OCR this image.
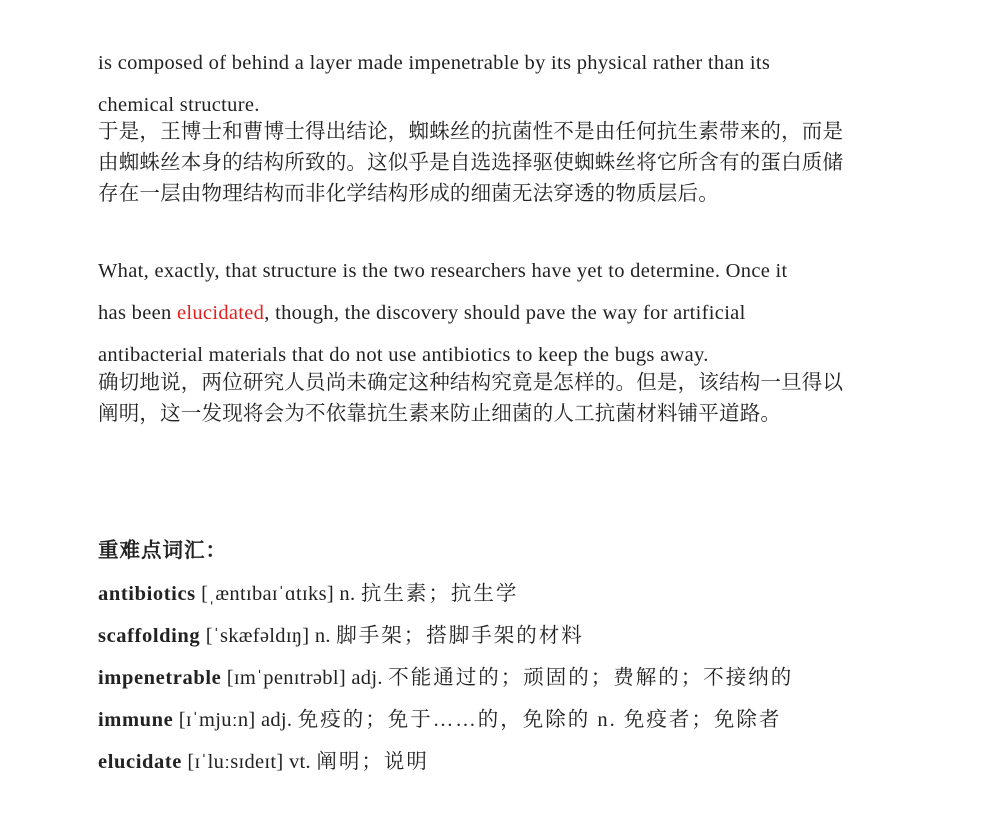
is composed of behind a layer made impenetrable by its physical rather than its

chemical structure.

于是，王博士和曹博士得出结论，蜘蛛丝的抗菌性不是由任何抗生素带来的，而是

由蜘蛛丝本身的结构所致的。这似乎是自选选择驱使蜘蛛丝将它所含有的蛋白质储

存在一层由物理结构而非化学结构形成的细菌无法穿透的物质层后。

What, exactly, that structure is the two researchers have yet to determine. Once it

has been elucidated, though, the discovery should pave the way for artificial

antibacterial materials that do not use antibiotics to keep the bugs away.

确切地说，两位研究人员尚未确定这种结构究竟是怎样的。但是，该结构一旦得以

阐明，这一发现将会为不依靠抗生素来防止细菌的人工抗菌材料铺平道路。

重难点词汇：
antibiotics [ˌæntɪbaɪˈɑtɪks] n. 抗生素；抗生学
scaffolding [ˈskæfəldɪŋ] n. 脚手架；搭脚手架的材料
impenetrable [ɪmˈpenɪtrəbl] adj. 不能通过的；顽固的；费解的；不接纳的
immune [ɪˈmjuːn] adj. 免疫的；免于……的，免除的 n. 免疫者；免除者
elucidate [ɪˈluːsɪdeɪt] vt. 阐明；说明
